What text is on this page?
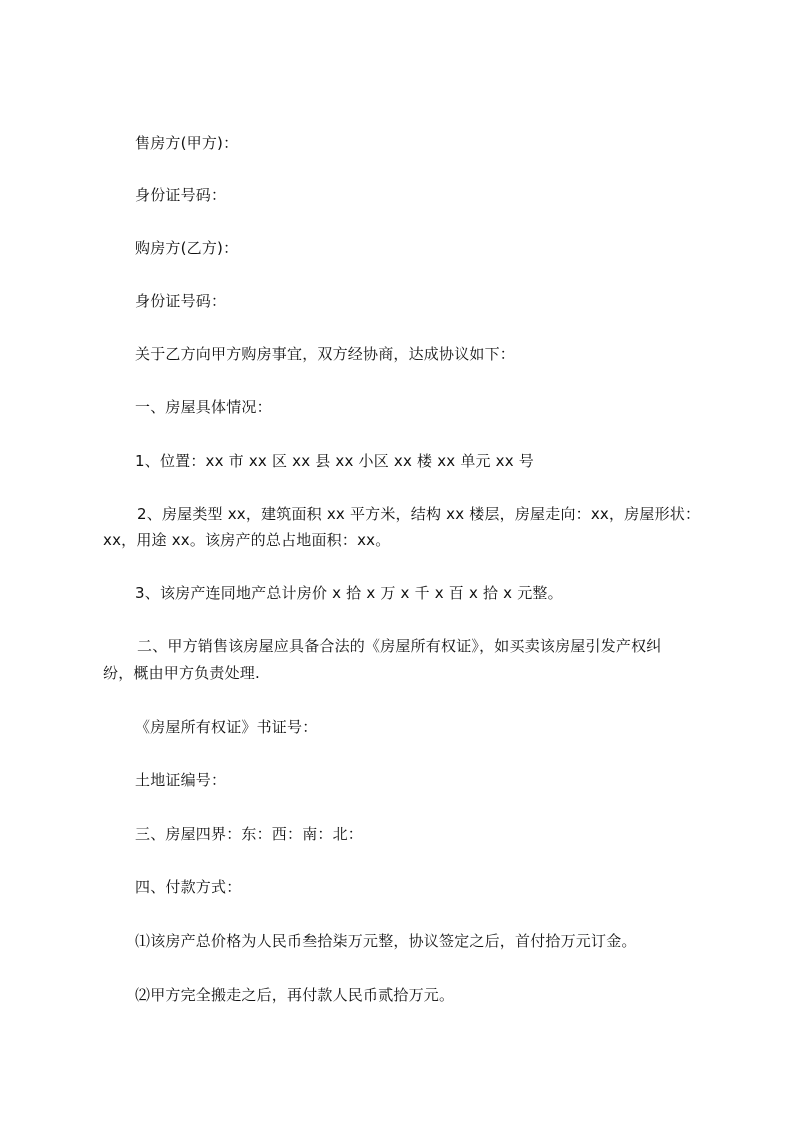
售房方(甲方)：
身份证号码：
购房方(乙方)：
身份证号码：
关于乙方向甲方购房事宜，双方经协商，达成协议如下：
一、房屋具体情况：
1、位置：xx 市 xx 区 xx 县 xx 小区 xx 楼 xx 单元 xx 号
2、房屋类型 xx，建筑面积 xx 平方米，结构 xx 楼层，房屋走向：xx，房屋形状：
xx，用途 xx。该房产的总占地面积：xx。
3、该房产连同地产总计房价 x 拾 x 万 x 千 x 百 x 拾 x 元整。
二、甲方销售该房屋应具备合法的《房屋所有权证》，如买卖该房屋引发产权纠
纷，概由甲方负责处理.
《房屋所有权证》书证号：
土地证编号：
三、房屋四界：东：西：南：北：
四、付款方式：
⑴该房产总价格为人民币叁拾柒万元整，协议签定之后，首付拾万元订金。
⑵甲方完全搬走之后，再付款人民币贰拾万元。
